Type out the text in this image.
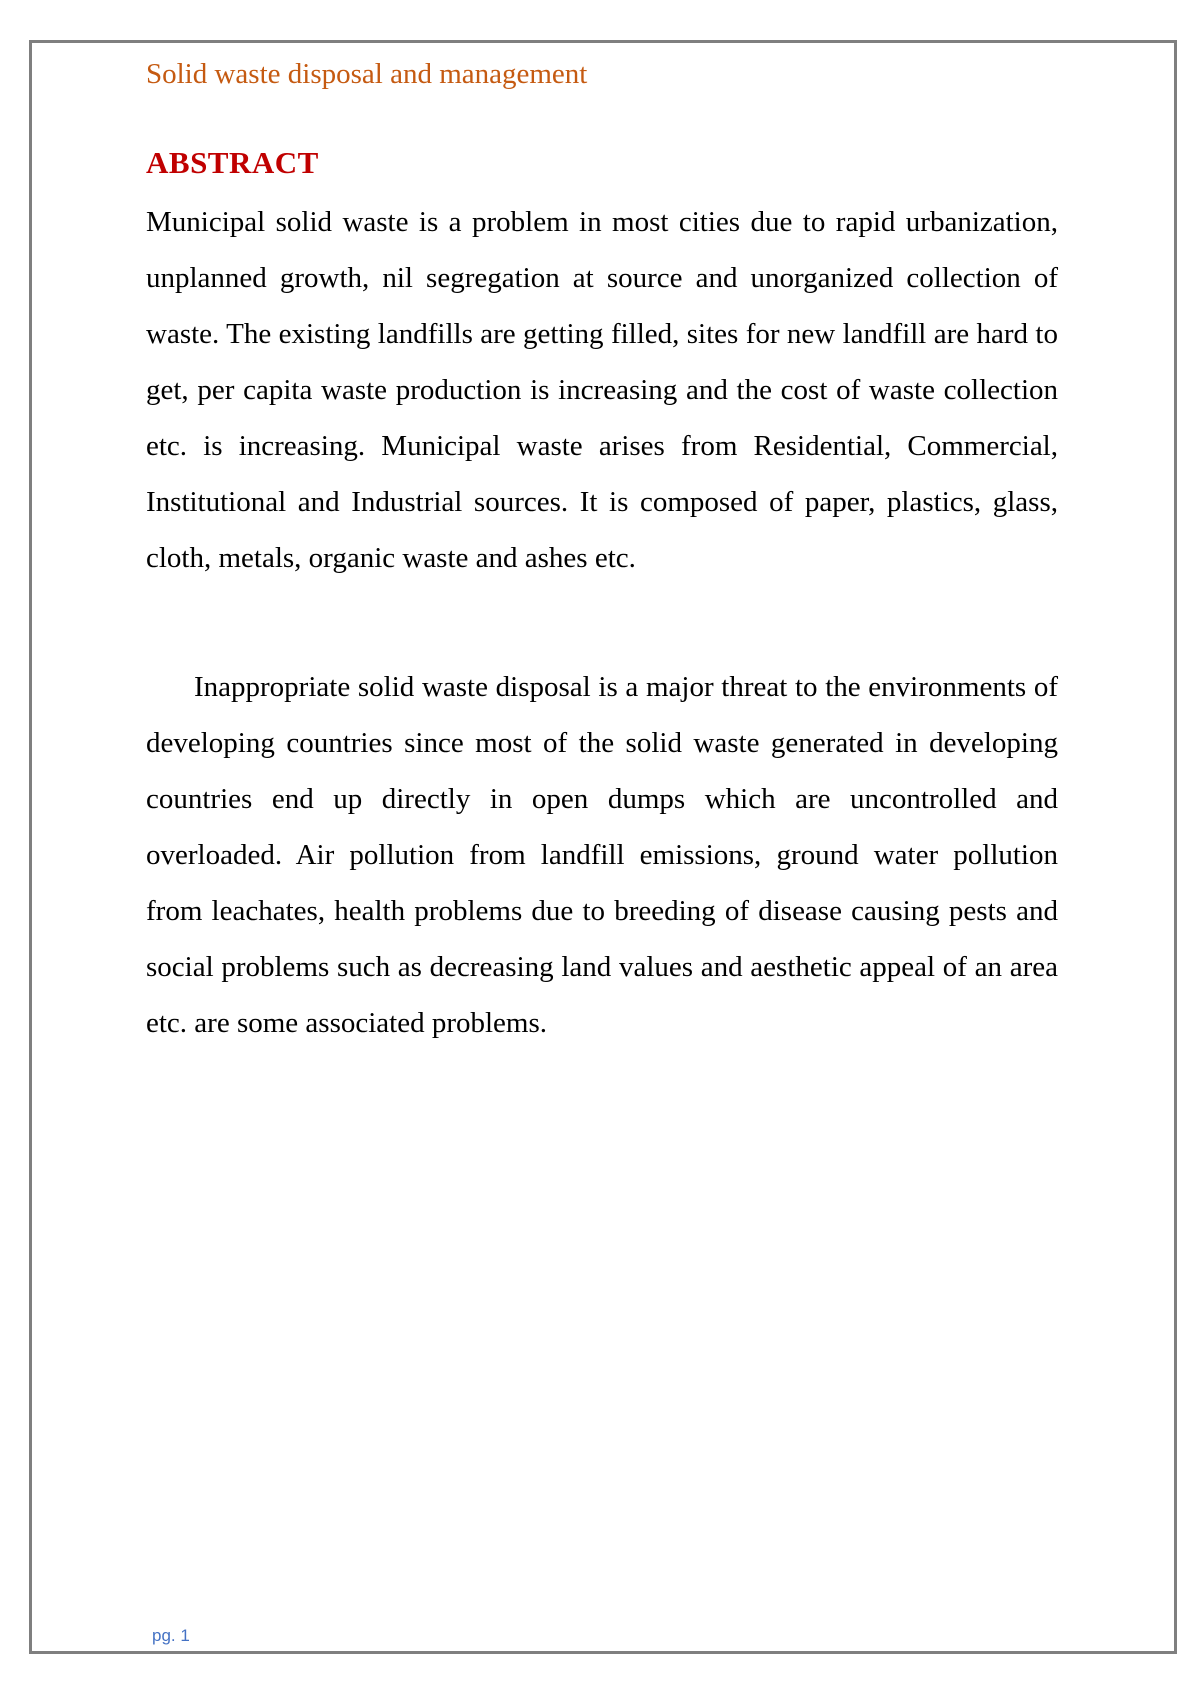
Solid waste disposal and management
ABSTRACT

Municipal solid waste is a problem in most cities due to rapid urbanization, unplanned growth, nil segregation at source and unorganized collection of waste. The existing landfills are getting filled, sites for new landfill are hard to get, per capita waste production is increasing and the cost of waste collection etc. is increasing. Municipal waste arises from Residential, Commercial, Institutional and Industrial sources. It is composed of paper, plastics, glass, cloth, metals, organic waste and ashes etc.

Inappropriate solid waste disposal is a major threat to the environments of developing countries since most of the solid waste generated in developing countries end up directly in open dumps which are uncontrolled and overloaded. Air pollution from landfill emissions, ground water pollution from leachates, health problems due to breeding of disease causing pests and social problems such as decreasing land values and aesthetic appeal of an area etc. are some associated problems.

pg. 1
